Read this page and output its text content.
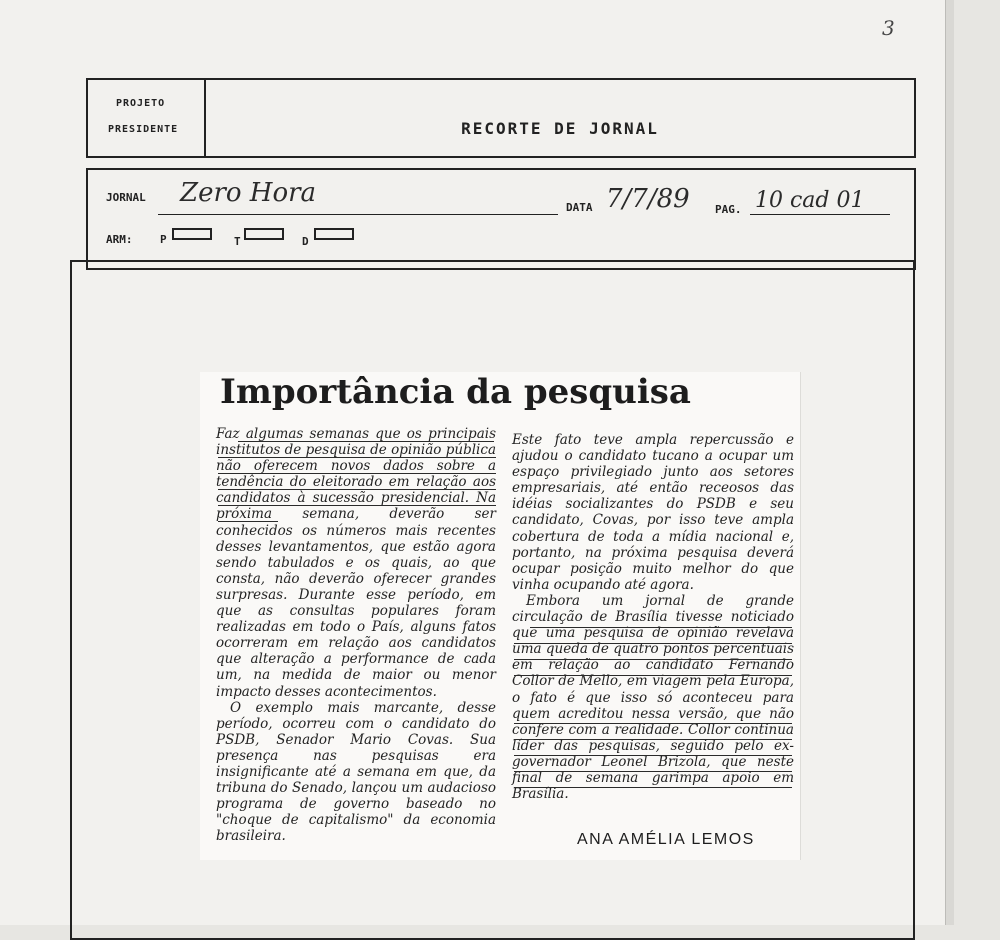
3
PROJETO
PRESIDENTE	RECORTE DE JORNAL
JORNAL Zero Hora	DATA 7/7/89 PAG. 10 cad 01
ARM:	P	T	D
Importância da pesquisa

Faz algumas semanas que os principais institutos de pesquisa de opinião pública não oferecem novos dados sobre a tendência do eleitorado em relação aos candidatos à sucessão presidencial. Na próxima semana, deverão ser conhecidos os números mais recentes desses levantamentos, que estão agora sendo tabulados e os quais, ao que consta, não deverão oferecer grandes surpresas. Durante esse período, em que as consultas populares foram realizadas em todo o País, alguns fatos ocorreram em relação aos candidatos que alteração a performance de cada um, na medida de maior ou menor impacto desses acontecimentos.

O exemplo mais marcante, desse período, ocorreu com o candidato do PSDB, Senador Mario Covas. Sua presença nas pesquisas era insignificante até a semana em que, da tribuna do Senado, lançou um audacioso programa de governo baseado no "choque de capitalismo" da economia brasileira.

Este fato teve ampla repercussão e ajudou o candidato tucano a ocupar um espaço privilegiado junto aos setores empresariais, até então receosos das idéias socializantes do PSDB e seu candidato, Covas, por isso teve ampla cobertura de toda a mídia nacional e, portanto, na próxima pesquisa deverá ocupar posição muito melhor do que vinha ocupando até agora.

Embora um jornal de grande circulação de Brasília tivesse noticiado que uma pesquisa de opinião revelava uma queda de quatro pontos percentuais em relação ao candidato Fernando Collor de Mello, em viagem pela Europa, o fato é que isso só aconteceu para quem acreditou nessa versão, que não confere com a realidade. Collor continua líder das pesquisas, seguido pelo ex-governador Leonel Brizola, que neste final de semana garimpa apoio em Brasília.

ANA AMÉLIA LEMOS
